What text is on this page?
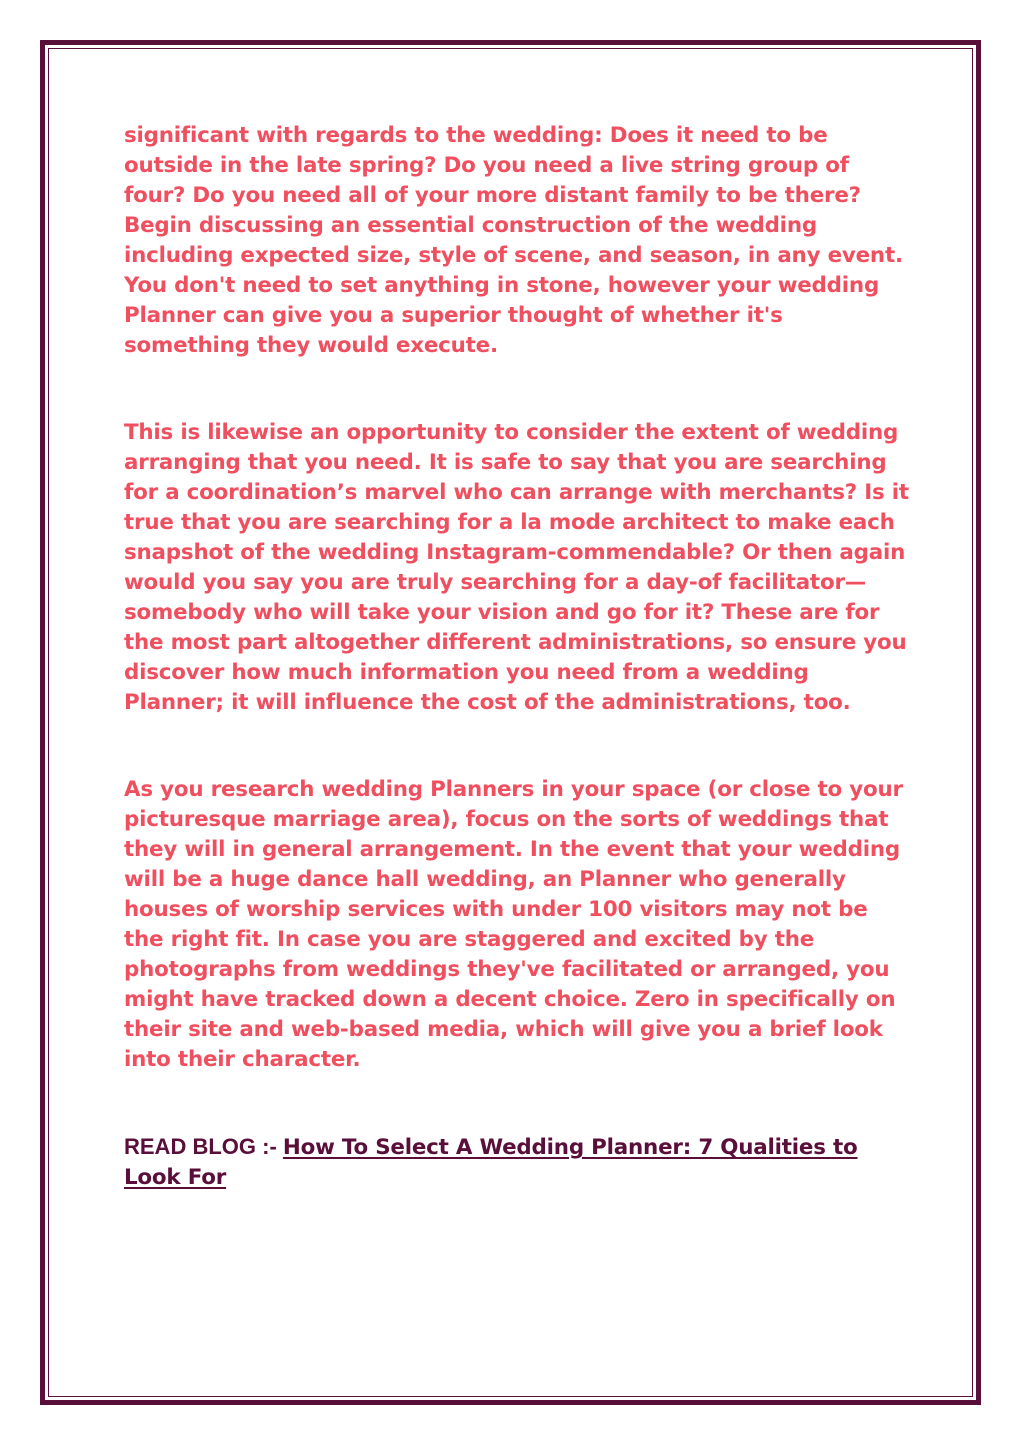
significant with regards to the wedding: Does it need to be outside in the late spring? Do you need a live string group of four? Do you need all of your more distant family to be there? Begin discussing an essential construction of the wedding including expected size, style of scene, and season, in any event. You don't need to set anything in stone, however your wedding Planner can give you a superior thought of whether it's something they would execute.

This is likewise an opportunity to consider the extent of wedding arranging that you need. It is safe to say that you are searching for a coordination’s marvel who can arrange with merchants? Is it true that you are searching for a la mode architect to make each snapshot of the wedding Instagram-commendable? Or then again would you say you are truly searching for a day-of facilitator—somebody who will take your vision and go for it? These are for the most part altogether different administrations, so ensure you discover how much information you need from a wedding Planner; it will influence the cost of the administrations, too.

As you research wedding Planners in your space (or close to your picturesque marriage area), focus on the sorts of weddings that they will in general arrangement. In the event that your wedding will be a huge dance hall wedding, an Planner who generally houses of worship services with under 100 visitors may not be the right fit. In case you are staggered and excited by the photographs from weddings they've facilitated or arranged, you might have tracked down a decent choice. Zero in specifically on their site and web-based media, which will give you a brief look into their character.

READ BLOG :- How To Select A Wedding Planner: 7 Qualities to Look For
